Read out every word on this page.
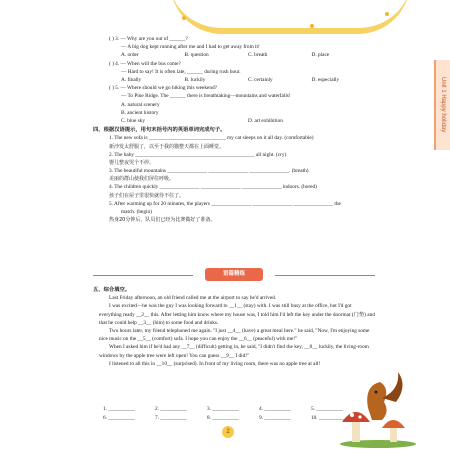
Unit 1 Happy holiday
( ) 3. — Why are you out of ______?
— A big dog kept running after me and I had to get away from it!
A. order	B. question	C. breath	D. place
( ) 4. — When will the bus come?
— Hard to say! It is often late, ______ during rush hour.
A. finally	B. luckily	C. certainly	D. especially
( ) 5. — Where should we go hiking this weekend?
— To Pine Ridge. The ______ there is breathtaking—mountains and waterfalls!
A. natural scenery
B. ancient history
C. blue sky	D. art exhibition
四、根据汉语提示，用句末括号内的英语单词完成句子。
1. The new sofa is _____________________________ my cat sleeps on it all day. (comfortable)
新沙发太舒服了，以至于我的猫整天都在上面睡觉。
2. The baby _____________________________________________ all night. (cry)
婴儿整夜哭个不停。
3. The beautiful mountains _______________ _______________ _______________. (breath)
美丽的群山使我们屏住呼吸。
4. The children quickly _______________ _______________ _______________ indoors. (bored)
孩子们在屋子里很快就待不住了。
5. After warming up for 20 minutes, the players _______________ _______________ _______________ the
match. (begin)
热身20分钟后，队员们已经为比赛做好了准备。
语篇精练
五、综合填空。
Last Friday afternoon, an old friend called me at the airport to say he'd arrived.
I was excited—he was the guy I was looking forward to __1__ (stay) with. I was still busy at the office, but I'd got everything ready __2__ this. After letting him know where my house was, I told him I'd left the key under the doormat (门垫) and that he could help __3__ (him) to some food and drinks.
Two hours later, my friend telephoned me again. "I just __4__ (have) a great meal here." he said, "Now, I'm enjoying some nice music on the __5__ (comfort) sofa. I hope you can enjoy the __6__ (peaceful) with me!"
When I asked him if he'd had any __7__ (difficult) getting in, he said, "I didn't find the key, __8__ luckily, the living-room windows by the apple tree were left open! You can guess __9__ I did!"
I listened to all this in __10__ (surprised). In front of my living room, there was no apple tree at all!
1. __________	2. __________	3. __________	4. __________	5. __________
6. __________	7. __________	8. __________	9. __________	10. __________
2
